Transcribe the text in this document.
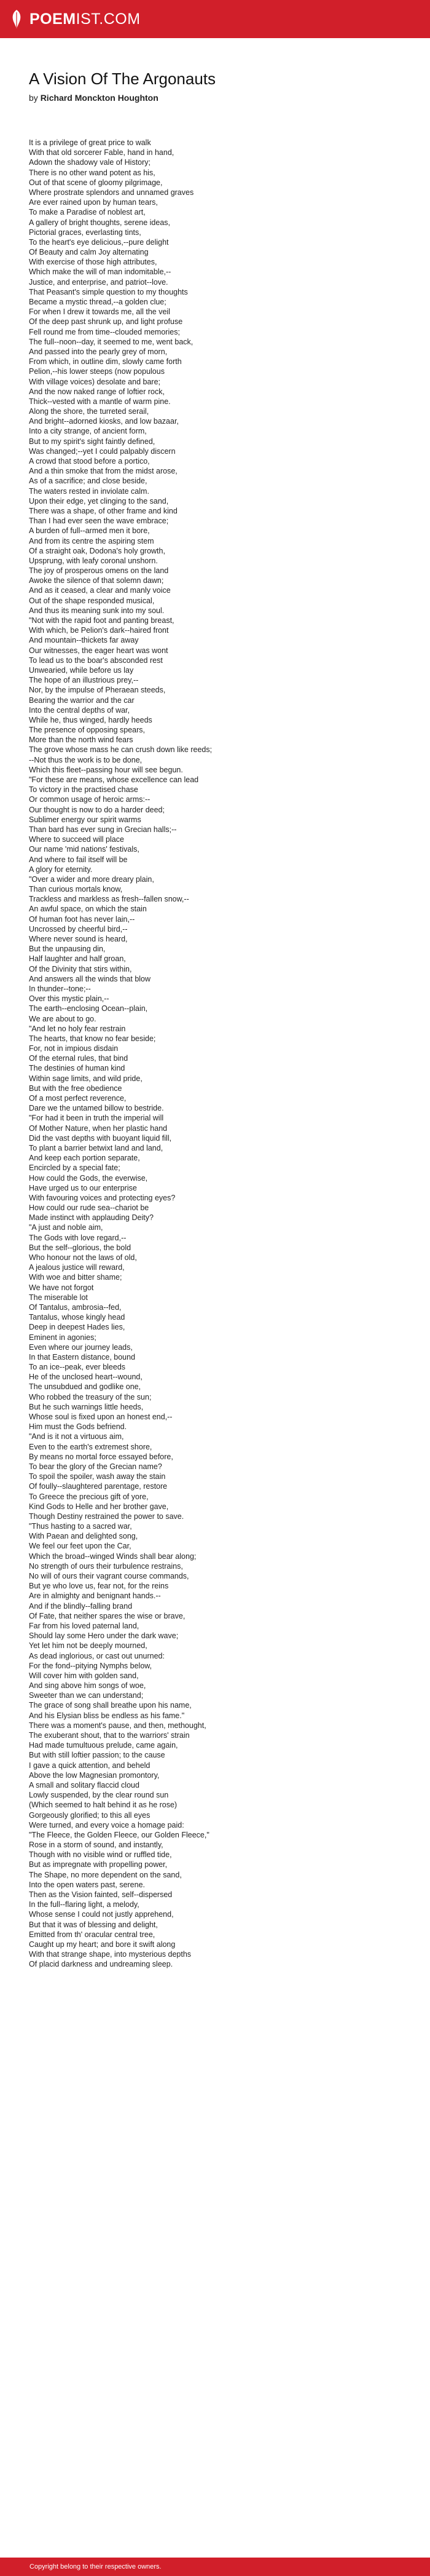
POEMIST.COM
A Vision Of The Argonauts
by Richard Monckton Houghton
It is a privilege of great price to walk
With that old sorcerer Fable, hand in hand,
Adown the shadowy vale of History;
There is no other wand potent as his,
Out of that scene of gloomy pilgrimage,
Where prostrate splendors and unnamed graves
Are ever rained upon by human tears,
To make a Paradise of noblest art,
A gallery of bright thoughts, serene ideas,
Pictorial graces, everlasting tints,
To the heart's eye delicious,--pure delight
Of Beauty and calm Joy alternating
With exercise of those high attributes,
Which make the will of man indomitable,--
Justice, and enterprise, and patriot--love.
That Peasant's simple question to my thoughts
Became a mystic thread,--a golden clue;
For when I drew it towards me, all the veil
Of the deep past shrunk up, and light profuse
Fell round me from time--clouded memories;
The full--noon--day, it seemed to me, went back,
And passed into the pearly grey of morn,
From which, in outline dim, slowly came forth
Pelion,--his lower steeps (now populous
With village voices) desolate and bare;
And the now naked range of loftier rock,
Thick--vested with a mantle of warm pine.
Along the shore, the turreted serail,
And bright--adorned kiosks, and low bazaar,
Into a city strange, of ancient form,
But to my spirit's sight faintly defined,
Was changed;--yet I could palpably discern
A crowd that stood before a portico,
And a thin smoke that from the midst arose,
As of a sacrifice; and close beside,
The waters rested in inviolate calm.
Upon their edge, yet clinging to the sand,
There was a shape, of other frame and kind
Than I had ever seen the wave embrace;
A burden of full--armed men it bore,
And from its centre the aspiring stem
Of a straight oak, Dodona's holy growth,
Upsprung, with leafy coronal unshorn.
The joy of prosperous omens on the land
Awoke the silence of that solemn dawn;
And as it ceased, a clear and manly voice
Out of the shape responded musical,
And thus its meaning sunk into my soul.
"Not with the rapid foot and panting breast,
With which, be Pelion's dark--haired front
And mountain--thickets far away
Our witnesses, the eager heart was wont
To lead us to the boar's absconded rest
Unwearied, while before us lay
The hope of an illustrious prey,--
Nor, by the impulse of Pheraean steeds,
Bearing the warrior and the car
Into the central depths of war,
While he, thus winged, hardly heeds
The presence of opposing spears,
More than the north wind fears
The grove whose mass he can crush down like reeds;
--Not thus the work is to be done,
Which this fleet--passing hour will see begun.
"For these are means, whose excellence can lead
To victory in the practised chase
Or common usage of heroic arms:--
Our thought is now to do a harder deed;
Sublimer energy our spirit warms
Than bard has ever sung in Grecian halls;--
Where to succeed will place
Our name 'mid nations' festivals,
And where to fail itself will be
A glory for eternity.
"Over a wider and more dreary plain,
Than curious mortals know,
Trackless and markless as fresh--fallen snow,--
An awful space, on which the stain
Of human foot has never lain,--
Uncrossed by cheerful bird,--
Where never sound is heard,
But the unpausing din,
Half laughter and half groan,
Of the Divinity that stirs within,
And answers all the winds that blow
In thunder--tone;--
Over this mystic plain,--
The earth--enclosing Ocean--plain,
We are about to go.
"And let no holy fear restrain
The hearts, that know no fear beside;
For, not in impious disdain
Of the eternal rules, that bind
The destinies of human kind
Within sage limits, and wild pride,
But with the free obedience
Of a most perfect reverence,
Dare we the untamed billow to bestride.
"For had it been in truth the imperial will
Of Mother Nature, when her plastic hand
Did the vast depths with buoyant liquid fill,
To plant a barrier betwixt land and land,
And keep each portion separate,
Encircled by a special fate;
How could the Gods, the everwise,
Have urged us to our enterprise
With favouring voices and protecting eyes?
How could our rude sea--chariot be
Made instinct with applauding Deity?
"A just and noble aim,
The Gods with love regard,--
But the self--glorious, the bold
Who honour not the laws of old,
A jealous justice will reward,
With woe and bitter shame;
We have not forgot
The miserable lot
Of Tantalus, ambrosia--fed,
Tantalus, whose kingly head
Deep in deepest Hades lies,
Eminent in agonies;
Even where our journey leads,
In that Eastern distance, bound
To an ice--peak, ever bleeds
He of the unclosed heart--wound,
The unsubdued and godlike one,
Who robbed the treasury of the sun;
But he such warnings little heeds,
Whose soul is fixed upon an honest end,--
Him must the Gods befriend.
"And is it not a virtuous aim,
Even to the earth's extremest shore,
By means no mortal force essayed before,
To bear the glory of the Grecian name?
To spoil the spoiler, wash away the stain
Of foully--slaughtered parentage, restore
To Greece the precious gift of yore,
Kind Gods to Helle and her brother gave,
Though Destiny restrained the power to save.
"Thus hasting to a sacred war,
With Paean and delighted song,
We feel our feet upon the Car,
Which the broad--winged Winds shall bear along;
No strength of ours their turbulence restrains,
No will of ours their vagrant course commands,
But ye who love us, fear not, for the reins
Are in almighty and benignant hands.--
And if the blindly--falling brand
Of Fate, that neither spares the wise or brave,
Far from his loved paternal land,
Should lay some Hero under the dark wave;
Yet let him not be deeply mourned,
As dead inglorious, or cast out unurned:
For the fond--pitying Nymphs below,
Will cover him with golden sand,
And sing above him songs of woe,
Sweeter than we can understand;
The grace of song shall breathe upon his name,
And his Elysian bliss be endless as his fame."
There was a moment's pause, and then, methought,
The exuberant shout, that to the warriors' strain
Had made tumultuous prelude, came again,
But with still loftier passion; to the cause
I gave a quick attention, and beheld
Above the low Magnesian promontory,
A small and solitary flaccid cloud
Lowly suspended, by the clear round sun
(Which seemed to halt behind it as he rose)
Gorgeously glorified; to this all eyes
Were turned, and every voice a homage paid:
"The Fleece, the Golden Fleece, our Golden Fleece,"
Rose in a storm of sound, and instantly,
Though with no visible wind or ruffled tide,
But as impregnate with propelling power,
The Shape, no more dependent on the sand,
Into the open waters past, serene.
Then as the Vision fainted, self--dispersed
In the full--flaring light, a melody,
Whose sense I could not justly apprehend,
But that it was of blessing and delight,
Emitted from th' oracular central tree,
Caught up my heart; and bore it swift along
With that strange shape, into mysterious depths
Of placid darkness and undreaming sleep.
Copyright belong to their respective owners.
